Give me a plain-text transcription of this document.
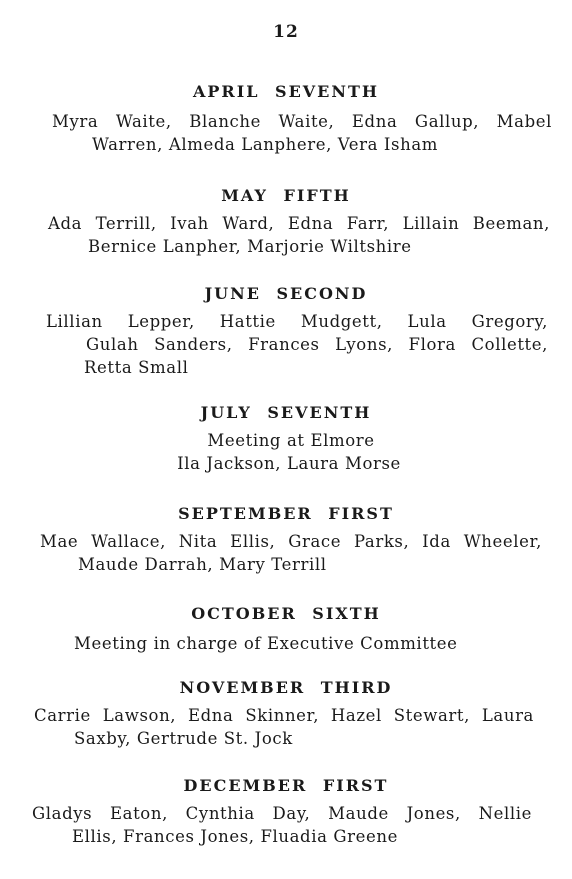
12
APRIL SEVENTH
Myra Waite, Blanche Waite, Edna Gallup, Mabel
Warren, Almeda Lanphere, Vera Isham
MAY FIFTH
Ada Terrill, Ivah Ward, Edna Farr, Lillain Beeman,
Bernice Lanpher, Marjorie Wiltshire
JUNE SECOND
Lillian Lepper, Hattie Mudgett, Lula Gregory,
Gulah Sanders, Frances Lyons, Flora Collette,
Retta Small
JULY SEVENTH
Meeting at Elmore
Ila Jackson, Laura Morse
SEPTEMBER FIRST
Mae Wallace, Nita Ellis, Grace Parks, Ida Wheeler,
Maude Darrah, Mary Terrill
OCTOBER SIXTH
Meeting in charge of Executive Committee
NOVEMBER THIRD
Carrie Lawson, Edna Skinner, Hazel Stewart, Laura
Saxby, Gertrude St. Jock
DECEMBER FIRST
Gladys Eaton, Cynthia Day, Maude Jones, Nellie
Ellis, Frances Jones, Fluadia Greene
